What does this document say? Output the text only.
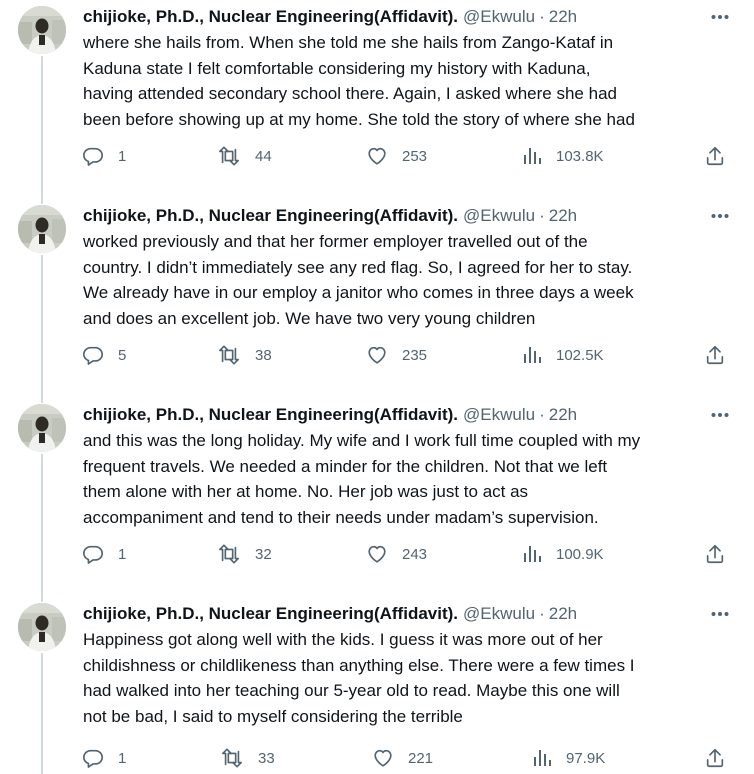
chijioke, Ph.D., Nuclear Engineering(Affidavit). @Ekwulu · 22h

where she hails from. When she told me she hails from Zango-Kataf in

Kaduna state I felt comfortable considering my history with Kaduna,

having attended secondary school there. Again, I asked where she had

been before showing up at my home. She told the story of where she had

1	44	253	103.8K
chijioke, Ph.D., Nuclear Engineering(Affidavit). @Ekwulu · 22h

worked previously and that her former employer travelled out of the

country. I didn’t immediately see any red flag. So, I agreed for her to stay.

We already have in our employ a janitor who comes in three days a week

and does an excellent job. We have two very young children

5	38	235	102.5K
chijioke, Ph.D., Nuclear Engineering(Affidavit). @Ekwulu · 22h

and this was the long holiday. My wife and I work full time coupled with my

frequent travels. We needed a minder for the children. Not that we left

them alone with her at home. No. Her job was just to act as

accompaniment and tend to their needs under madam’s supervision.

1	32	243	100.9K
chijioke, Ph.D., Nuclear Engineering(Affidavit). @Ekwulu · 22h

Happiness got along well with the kids. I guess it was more out of her

childishness or childlikeness than anything else. There were a few times I

had walked into her teaching our 5-year old to read. Maybe this one will

not be bad, I said to myself considering the terrible

1	33	221	97.9K
